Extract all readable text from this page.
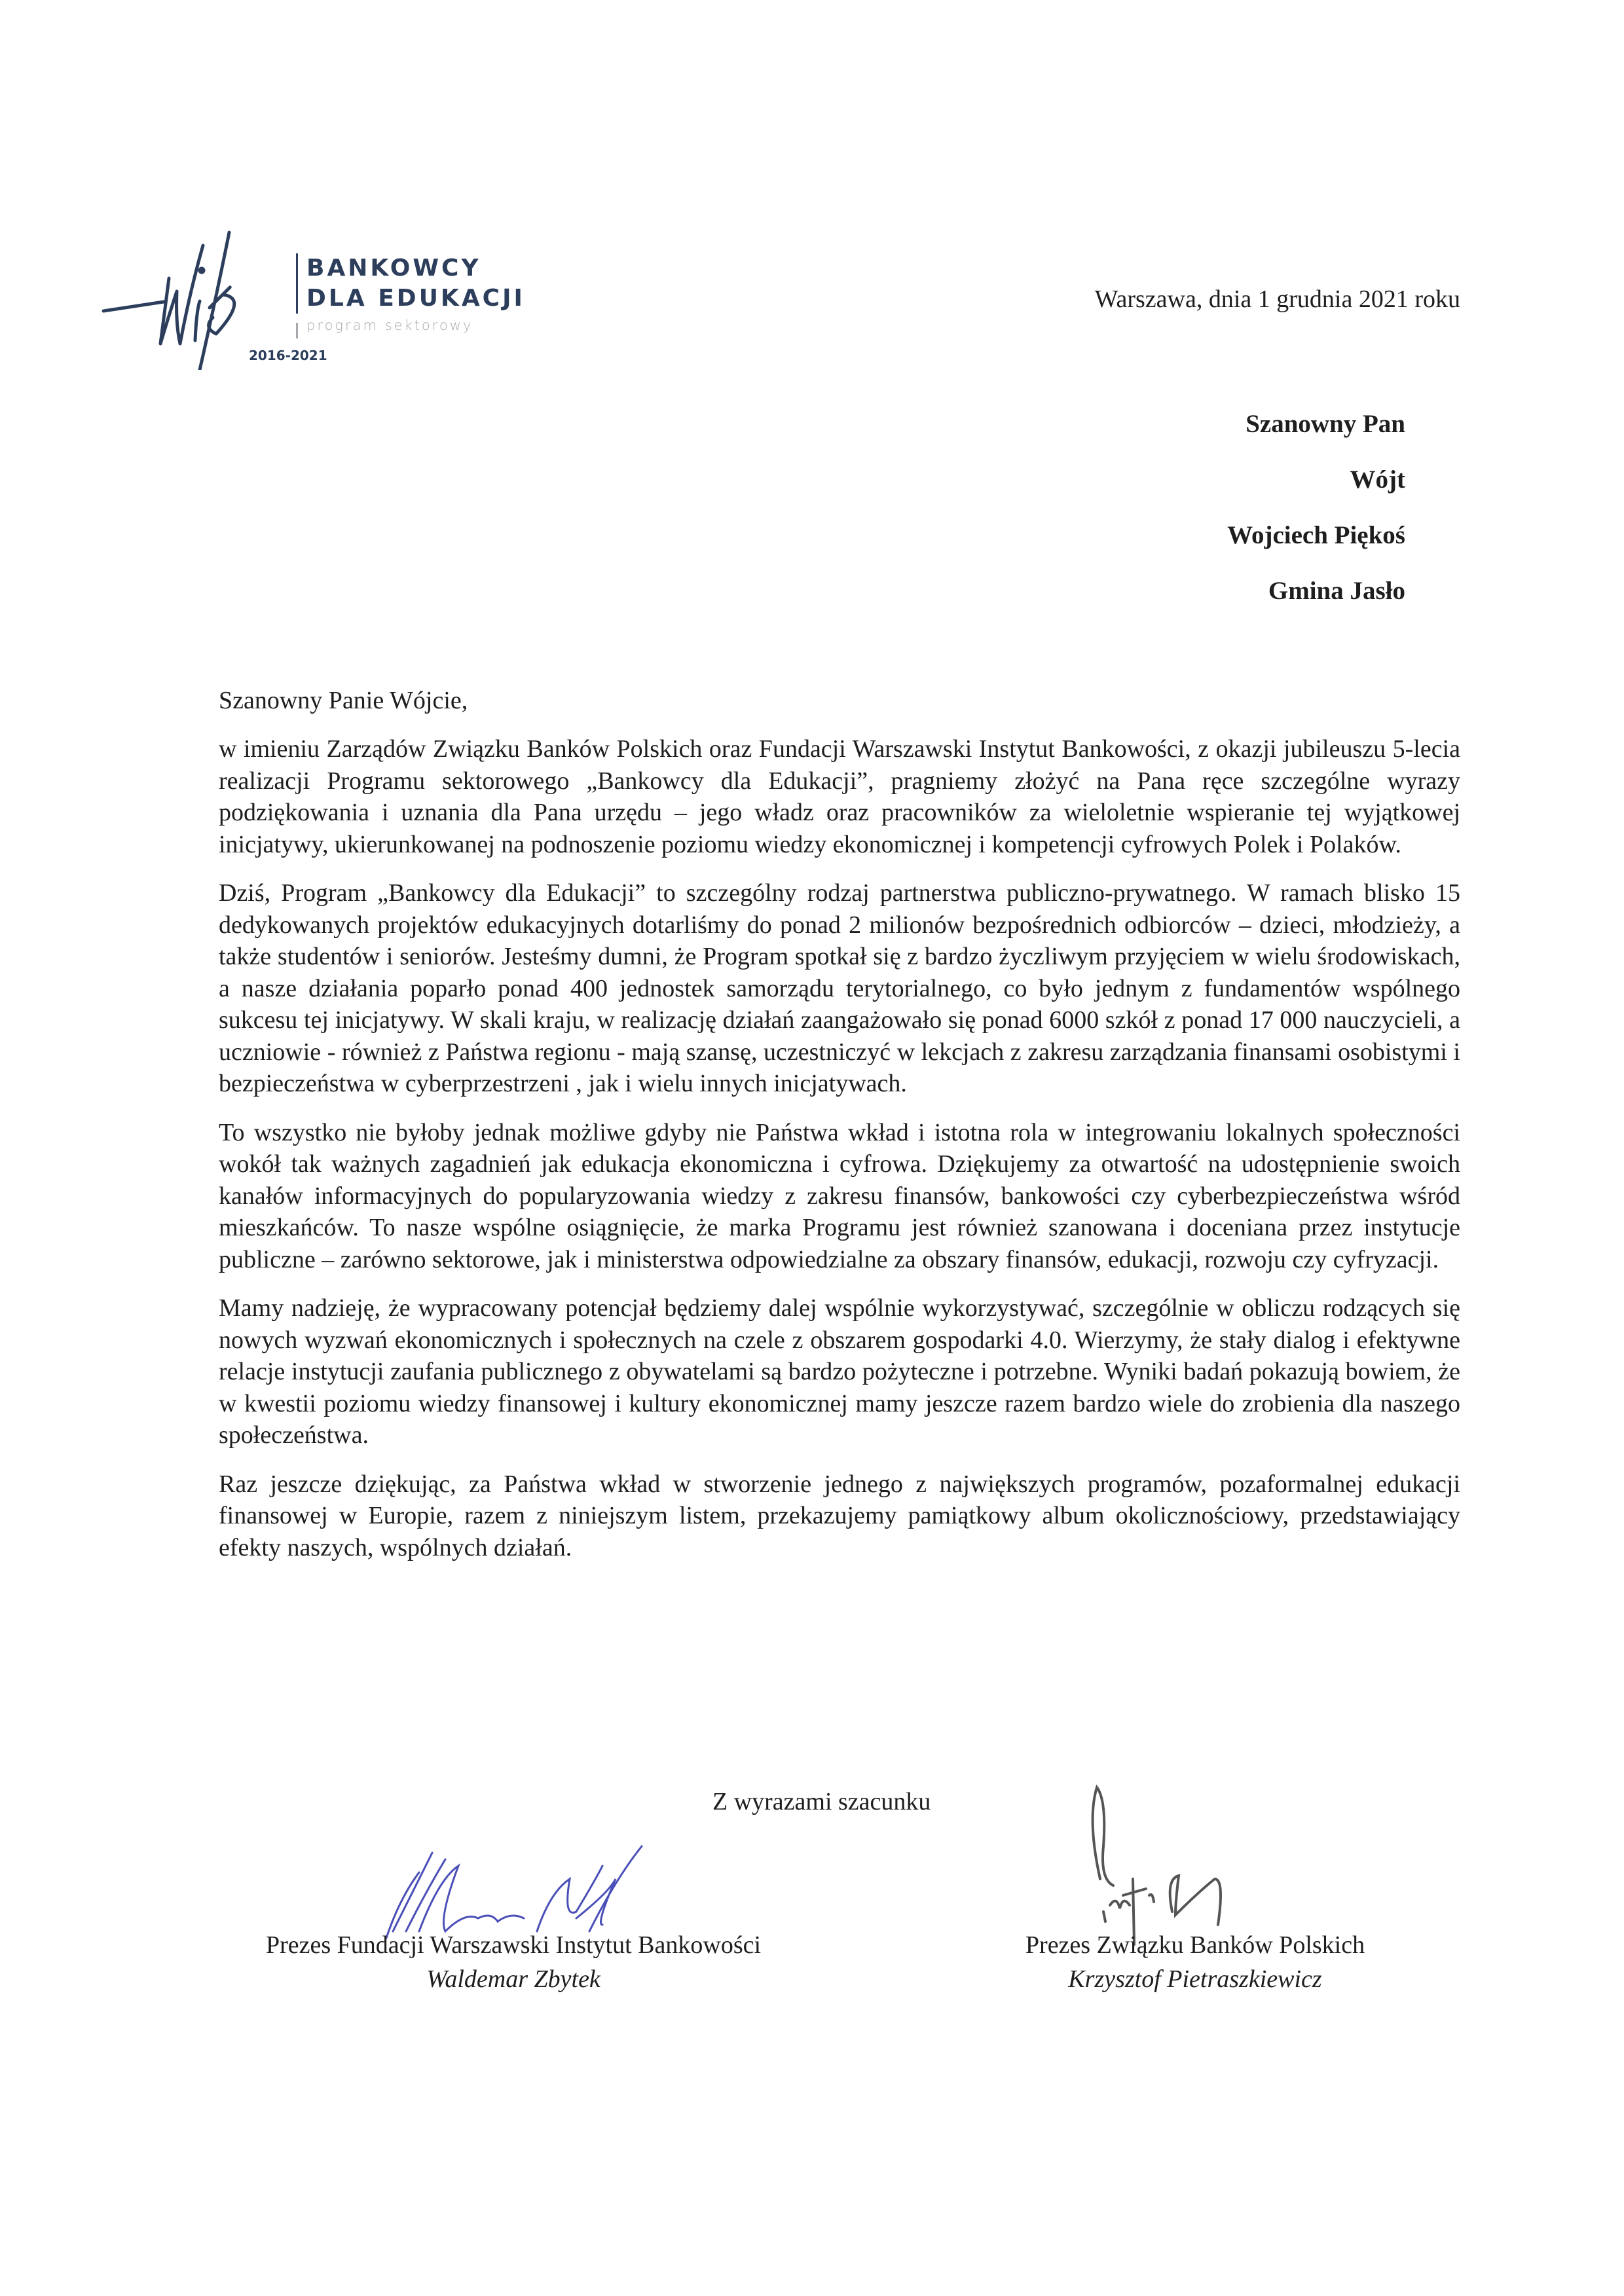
BANKOWCY
DLA EDUKACJI
program sektorowy
2016-2021
Warszawa, dnia 1 grudnia 2021 roku
Szanowny Pan
Wójt
Wojciech Piękoś
Gmina Jasło
Szanowny Panie Wójcie,

w imieniu Zarządów Związku Banków Polskich oraz Fundacji Warszawski Instytut Bankowości, z okazji jubileuszu 5-lecia realizacji Programu sektorowego „Bankowcy dla Edukacji”, pragniemy złożyć na Pana ręce szczególne wyrazy podziękowania i uznania dla Pana urzędu – jego władz oraz pracowników za wieloletnie wspieranie tej wyjątkowej inicjatywy, ukierunkowanej na podnoszenie poziomu wiedzy ekonomicznej i kompetencji cyfrowych Polek i Polaków.

Dziś, Program „Bankowcy dla Edukacji” to szczególny rodzaj partnerstwa publiczno-prywatnego. W ramach blisko 15 dedykowanych projektów edukacyjnych dotarliśmy do ponad 2 milionów bezpośrednich odbiorców – dzieci, młodzieży, a także studentów i seniorów. Jesteśmy dumni, że Program spotkał się z bardzo życzliwym przyjęciem w wielu środowiskach, a nasze działania poparło ponad 400 jednostek samorządu terytorialnego, co było jednym z fundamentów wspólnego sukcesu tej inicjatywy. W skali kraju, w realizację działań zaangażowało się ponad 6000 szkół z ponad 17 000 nauczycieli, a uczniowie - również z Państwa regionu - mają szansę, uczestniczyć w lekcjach z zakresu zarządzania finansami osobistymi i bezpieczeństwa w cyberprzestrzeni , jak i wielu innych inicjatywach.

To wszystko nie byłoby jednak możliwe gdyby nie Państwa wkład i istotna rola w integrowaniu lokalnych społeczności wokół tak ważnych zagadnień jak edukacja ekonomiczna i cyfrowa. Dziękujemy za otwartość na udostępnienie swoich kanałów informacyjnych do popularyzowania wiedzy z zakresu finansów, bankowości czy cyberbezpieczeństwa wśród mieszkańców. To nasze wspólne osiągnięcie, że marka Programu jest również szanowana i doceniana przez instytucje publiczne – zarówno sektorowe, jak i ministerstwa odpowiedzialne za obszary finansów, edukacji, rozwoju czy cyfryzacji.

Mamy nadzieję, że wypracowany potencjał będziemy dalej wspólnie wykorzystywać, szczególnie w obliczu rodzących się nowych wyzwań ekonomicznych i społecznych na czele z obszarem gospodarki 4.0. Wierzymy, że stały dialog i efektywne relacje instytucji zaufania publicznego z obywatelami są bardzo pożyteczne i potrzebne. Wyniki badań pokazują bowiem, że w kwestii poziomu wiedzy finansowej i kultury ekonomicznej mamy jeszcze razem bardzo wiele do zrobienia dla naszego społeczeństwa.

Raz jeszcze dziękując, za Państwa wkład w stworzenie jednego z największych programów, pozaformalnej edukacji finansowej w Europie, razem z niniejszym listem, przekazujemy pamiątkowy album okolicznościowy, przedstawiający efekty naszych, wspólnych działań.

Z wyrazami szacunku
Prezes Fundacji Warszawski Instytut Bankowości
Waldemar Zbytek
Prezes Związku Banków Polskich
Krzysztof Pietraszkiewicz
